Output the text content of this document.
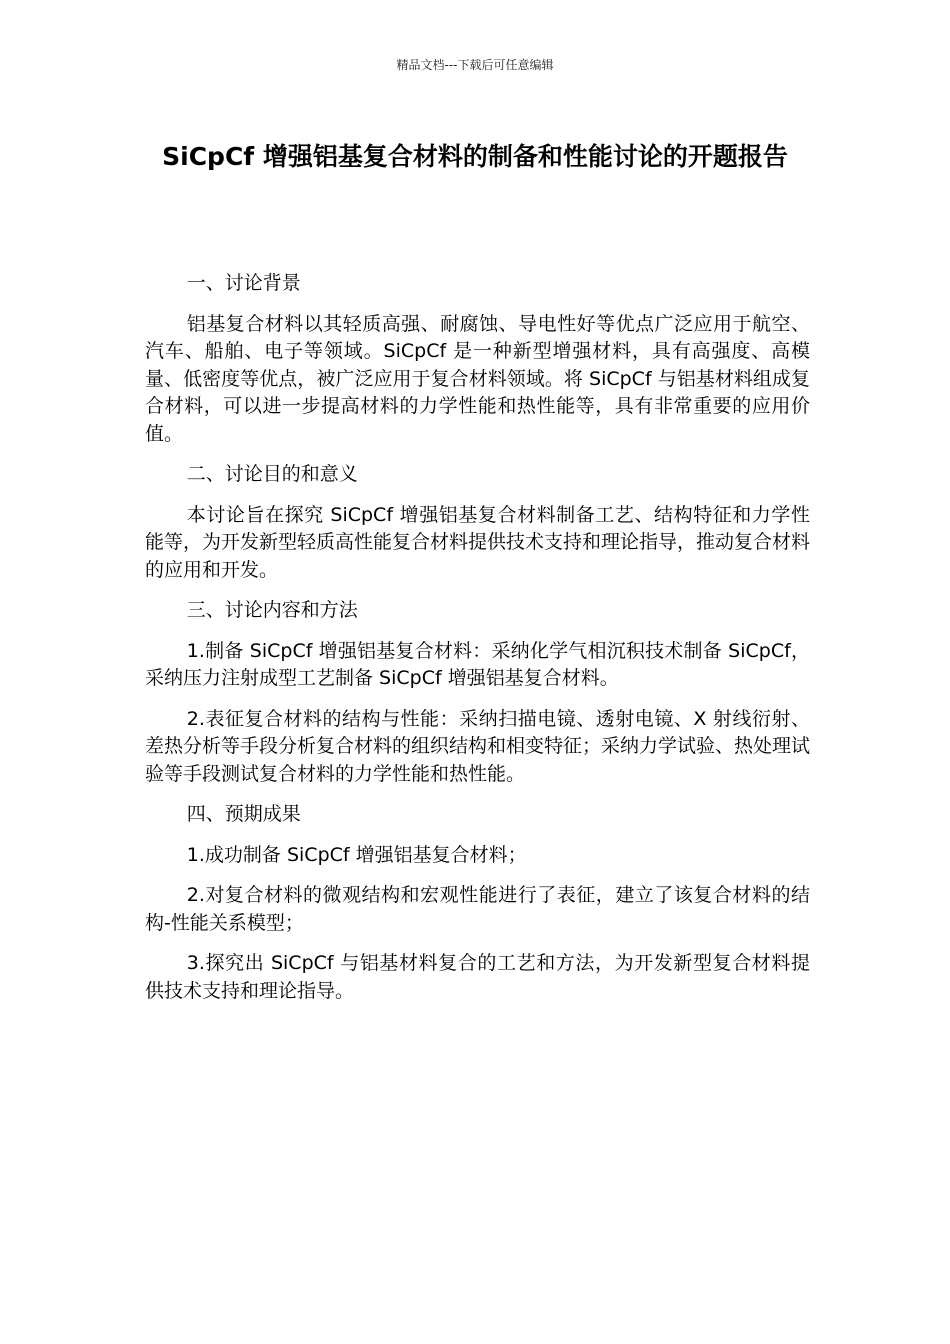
精品文档---下载后可任意编辑
SiCpCf 增强铝基复合材料的制备和性能讨论的开题报告
一、讨论背景

铝基复合材料以其轻质高强、耐腐蚀、导电性好等优点广泛应用于航空、汽车、船舶、电子等领域。SiCpCf 是一种新型增强材料，具有高强度、高模量、低密度等优点，被广泛应用于复合材料领域。将 SiCpCf 与铝基材料组成复合材料，可以进一步提高材料的力学性能和热性能等，具有非常重要的应用价值。

二、讨论目的和意义

本讨论旨在探究 SiCpCf 增强铝基复合材料制备工艺、结构特征和力学性能等，为开发新型轻质高性能复合材料提供技术支持和理论指导，推动复合材料的应用和开发。

三、讨论内容和方法

1.制备 SiCpCf 增强铝基复合材料：采纳化学气相沉积技术制备 SiCpCf，采纳压力注射成型工艺制备 SiCpCf 增强铝基复合材料。

2.表征复合材料的结构与性能：采纳扫描电镜、透射电镜、X 射线衍射、差热分析等手段分析复合材料的组织结构和相变特征；采纳力学试验、热处理试验等手段测试复合材料的力学性能和热性能。

四、预期成果

1.成功制备 SiCpCf 增强铝基复合材料；

2.对复合材料的微观结构和宏观性能进行了表征，建立了该复合材料的结构-性能关系模型；

3.探究出 SiCpCf 与铝基材料复合的工艺和方法，为开发新型复合材料提供技术支持和理论指导。
